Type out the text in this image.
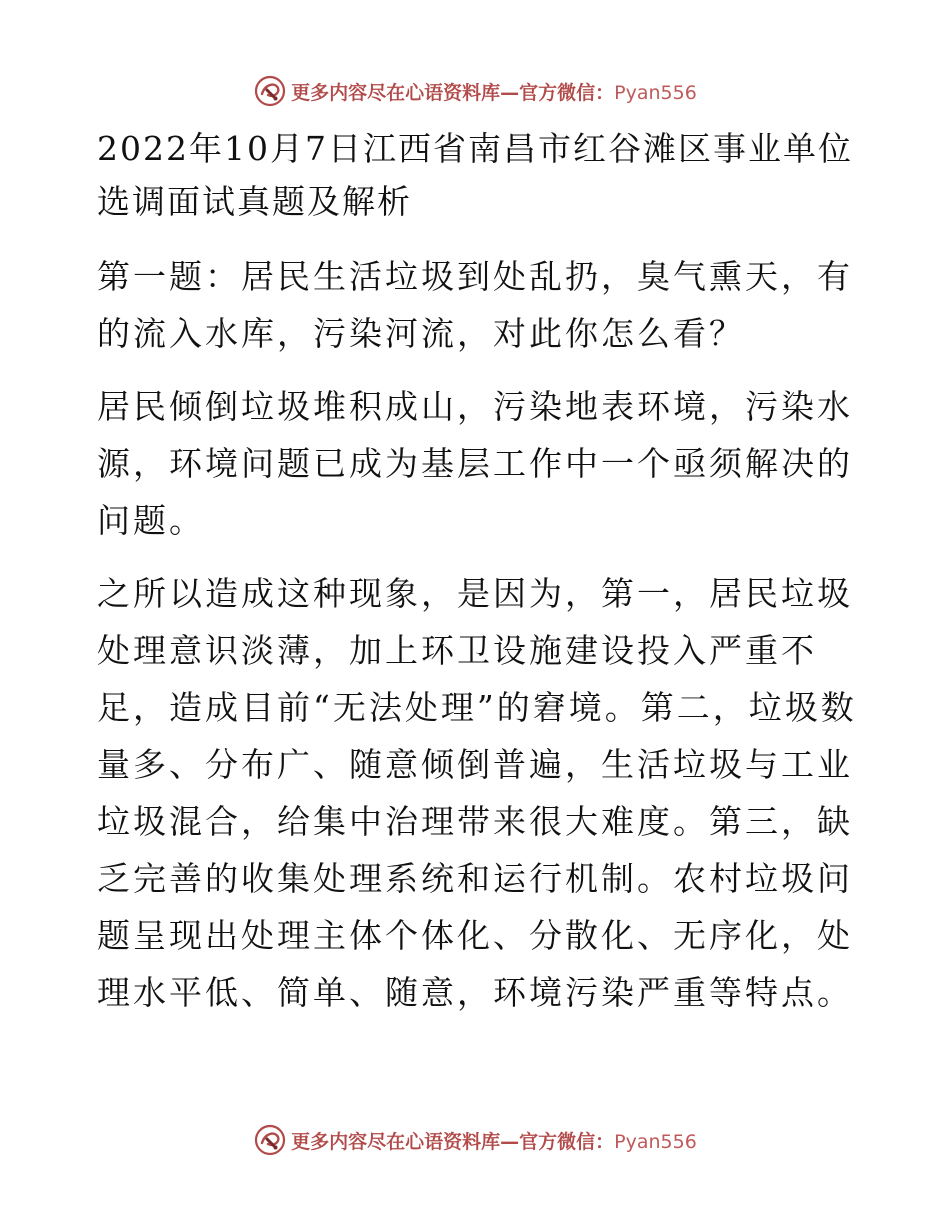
更多内容尽在心语资料库—官方微信：Pyan556
2022年10月7日江西省南昌市红谷滩区事业单位选调面试真题及解析

第一题：居民生活垃圾到处乱扔，臭气熏天，有的流入水库，污染河流，对此你怎么看？

居民倾倒垃圾堆积成山，污染地表环境，污染水源，环境问题已成为基层工作中一个亟须解决的问题。

之所以造成这种现象，是因为，第一，居民垃圾处理意识淡薄，加上环卫设施建设投入严重不足，造成目前“无法处理”的窘境。第二，垃圾数量多、分布广、随意倾倒普遍，生活垃圾与工业垃圾混合，给集中治理带来很大难度。第三，缺乏完善的收集处理系统和运行机制。农村垃圾问题呈现出处理主体个体化、分散化、无序化，处理水平低、简单、随意，环境污染严重等特点。

更多内容尽在心语资料库—官方微信：Pyan556
